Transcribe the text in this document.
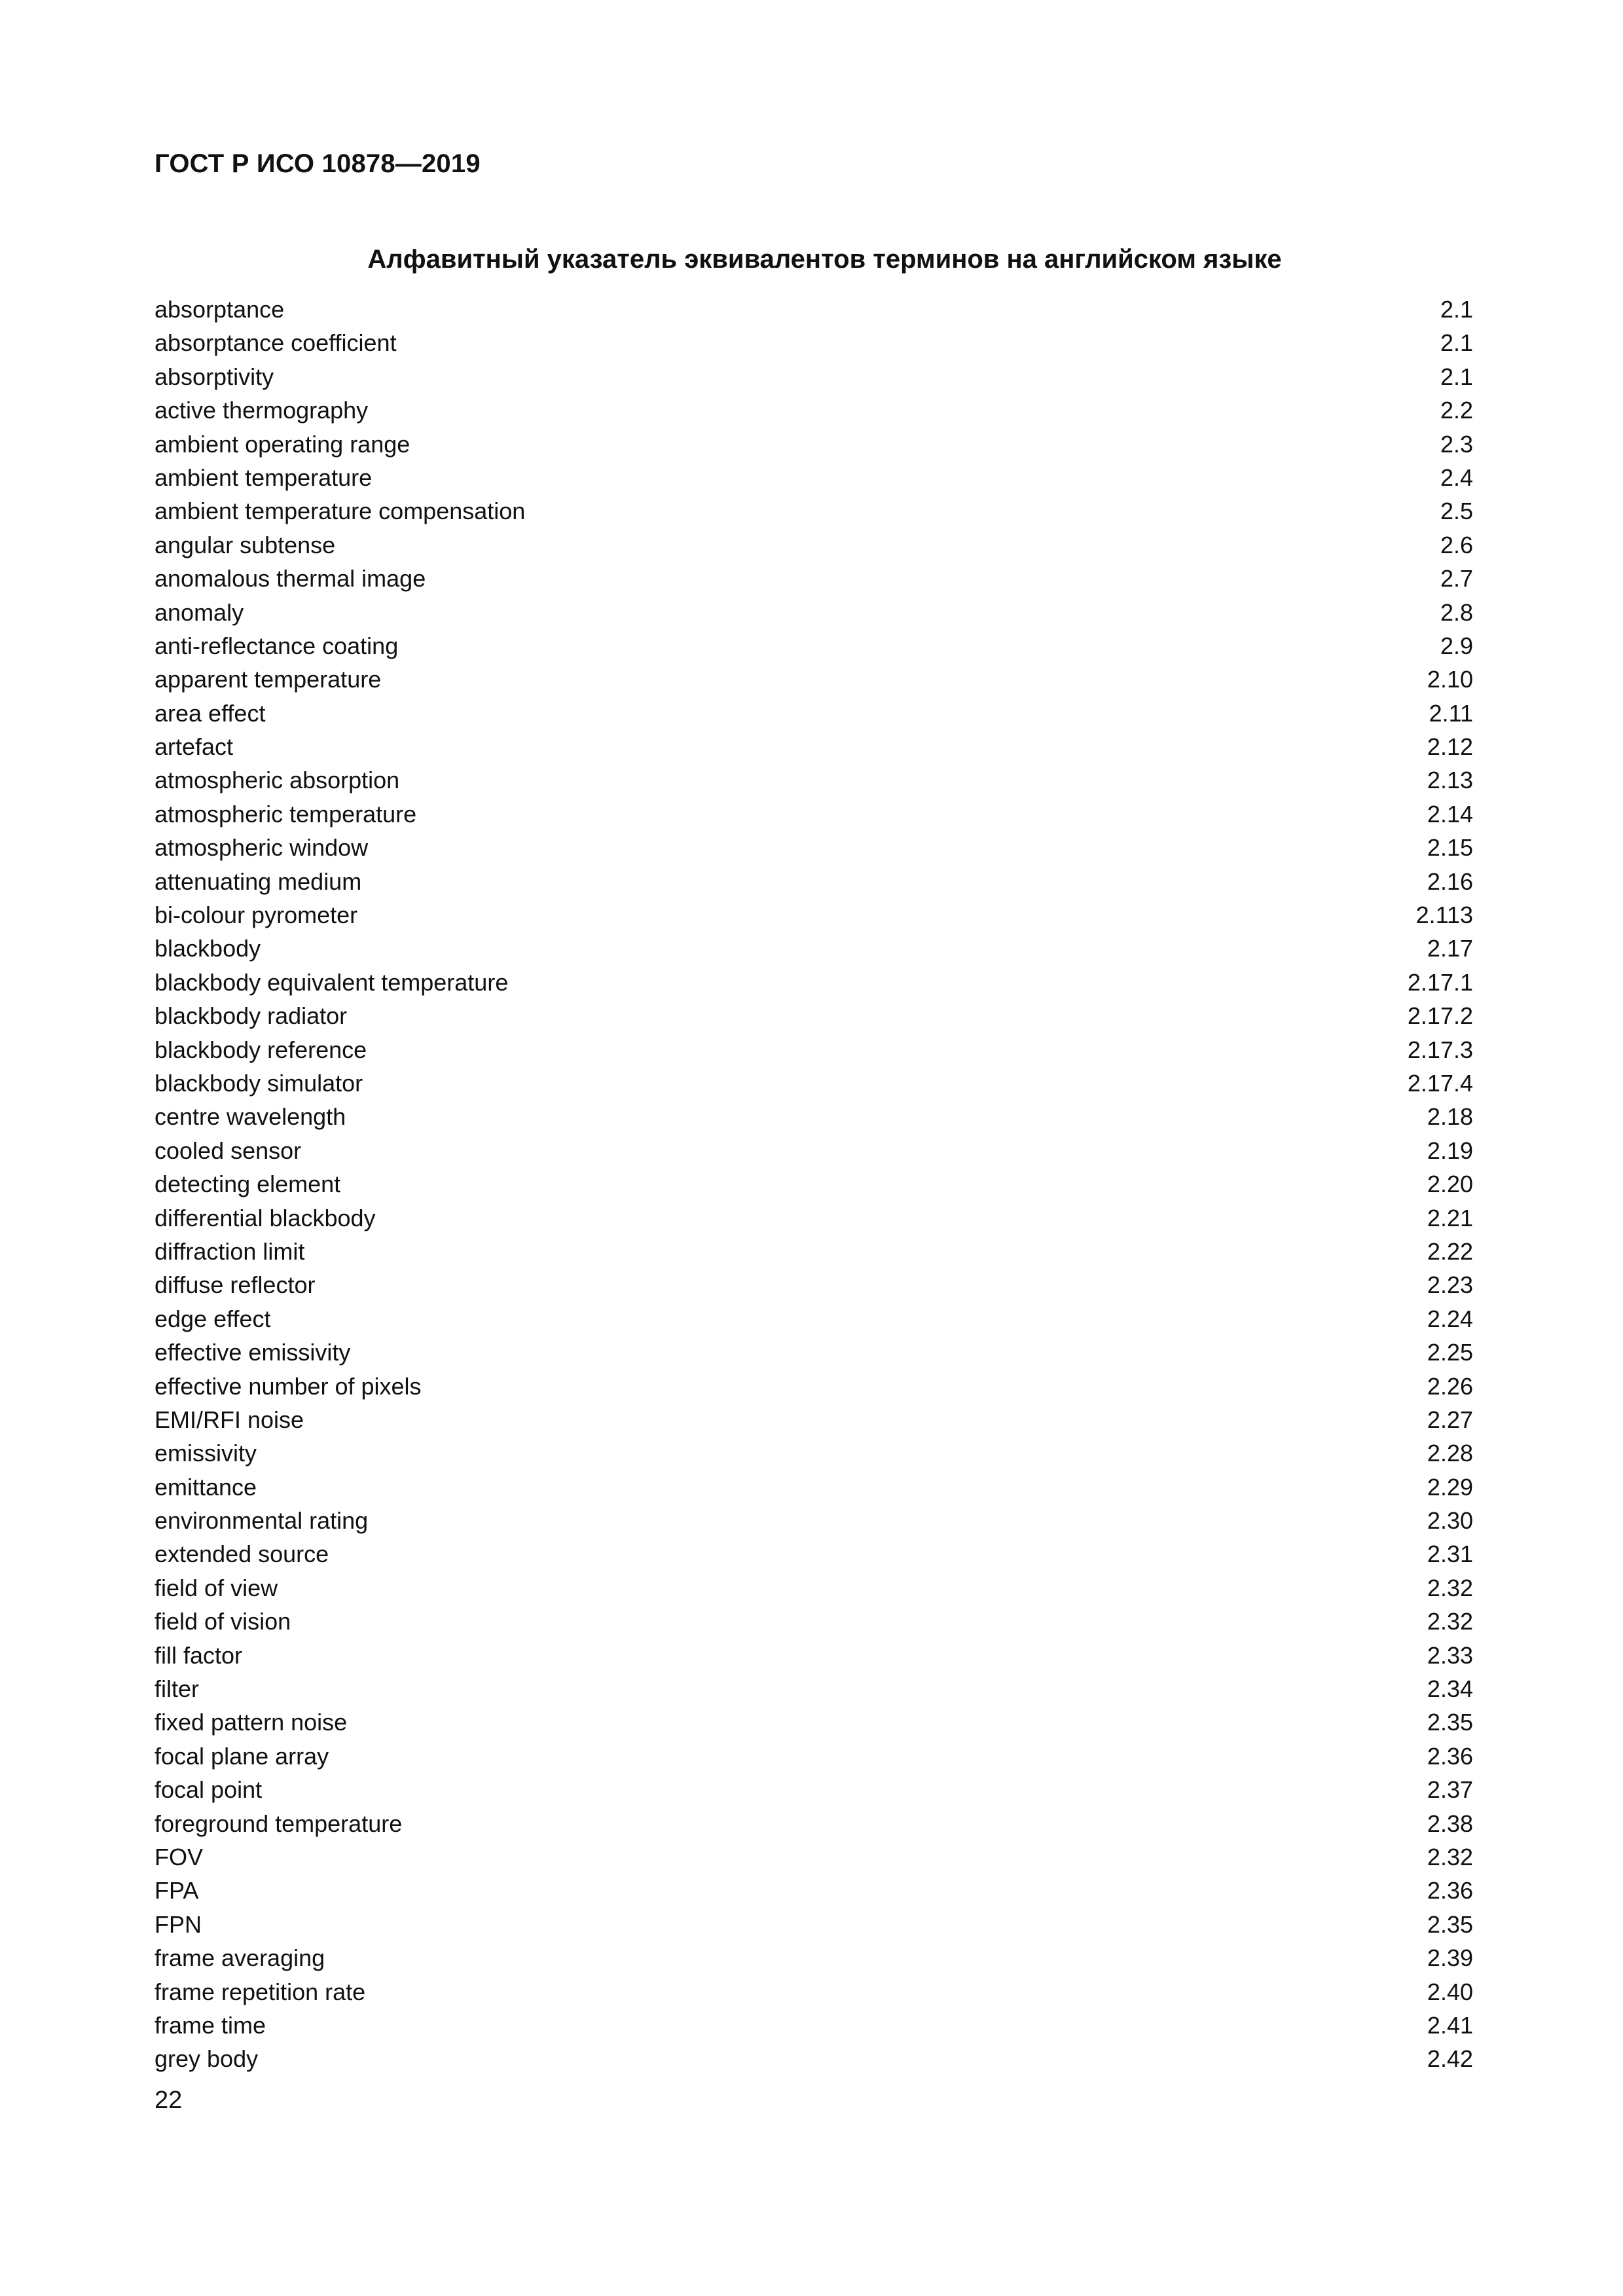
ГОСТ Р ИСО 10878—2019
Алфавитный указатель эквивалентов терминов на английском языке
absorptance	2.1
absorptance coefficient	2.1
absorptivity	2.1
active thermography	2.2
ambient operating range	2.3
ambient temperature	2.4
ambient temperature compensation	2.5
angular subtense	2.6
anomalous thermal image	2.7
anomaly	2.8
anti-reflectance coating	2.9
apparent temperature	2.10
area effect	2.11
artefact	2.12
atmospheric absorption	2.13
atmospheric temperature	2.14
atmospheric window	2.15
attenuating medium	2.16
bi-colour pyrometer	2.113
blackbody	2.17
blackbody equivalent temperature	2.17.1
blackbody radiator	2.17.2
blackbody reference	2.17.3
blackbody simulator	2.17.4
centre wavelength	2.18
cooled sensor	2.19
detecting element	2.20
differential blackbody	2.21
diffraction limit	2.22
diffuse reflector	2.23
edge effect	2.24
effective emissivity	2.25
effective number of pixels	2.26
EMI/RFI noise	2.27
emissivity	2.28
emittance	2.29
environmental rating	2.30
extended source	2.31
field of view	2.32
field of vision	2.32
fill factor	2.33
filter	2.34
fixed pattern noise	2.35
focal plane array	2.36
focal point	2.37
foreground temperature	2.38
FOV	2.32
FPA	2.36
FPN	2.35
frame averaging	2.39
frame repetition rate	2.40
frame time	2.41
grey body	2.42
22
